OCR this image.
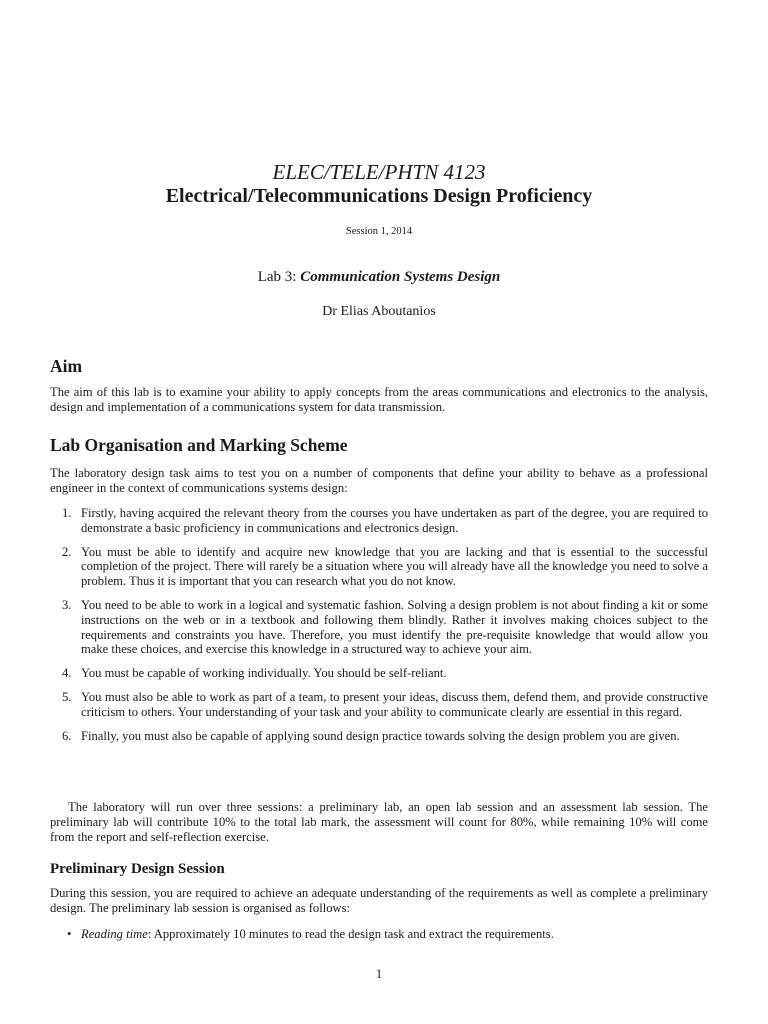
ELEC/TELE/PHTN 4123
Electrical/Telecommunications Design Proficiency
Session 1, 2014
Lab 3: Communication Systems Design
Dr Elias Aboutanios
Aim

The aim of this lab is to examine your ability to apply concepts from the areas communications and electronics to the analysis, design and implementation of a communications system for data transmission.

Lab Organisation and Marking Scheme

The laboratory design task aims to test you on a number of components that define your ability to behave as a professional engineer in the context of communications systems design:

1. Firstly, having acquired the relevant theory from the courses you have undertaken as part of the degree, you are required to demonstrate a basic proficiency in communications and electronics design.
2. You must be able to identify and acquire new knowledge that you are lacking and that is essential to the successful completion of the project. There will rarely be a situation where you will already have all the knowledge you need to solve a problem. Thus it is important that you can research what you do not know.
3. You need to be able to work in a logical and systematic fashion. Solving a design problem is not about finding a kit or some instructions on the web or in a textbook and following them blindly. Rather it involves making choices subject to the requirements and constraints you have. Therefore, you must identify the pre-requisite knowledge that would allow you make these choices, and exercise this knowledge in a structured way to achieve your aim.
4. You must be capable of working individually. You should be self-reliant.
5. You must also be able to work as part of a team, to present your ideas, discuss them, defend them, and provide constructive criticism to others. Your understanding of your task and your ability to communicate clearly are essential in this regard.
6. Finally, you must also be capable of applying sound design practice towards solving the design problem you are given.

The laboratory will run over three sessions: a preliminary lab, an open lab session and an assessment lab session. The preliminary lab will contribute 10% to the total lab mark, the assessment will count for 80%, while remaining 10% will come from the report and self-reflection exercise.

Preliminary Design Session

During this session, you are required to achieve an adequate understanding of the requirements as well as complete a preliminary design. The preliminary lab session is organised as follows:

• Reading time: Approximately 10 minutes to read the design task and extract the requirements.
1
